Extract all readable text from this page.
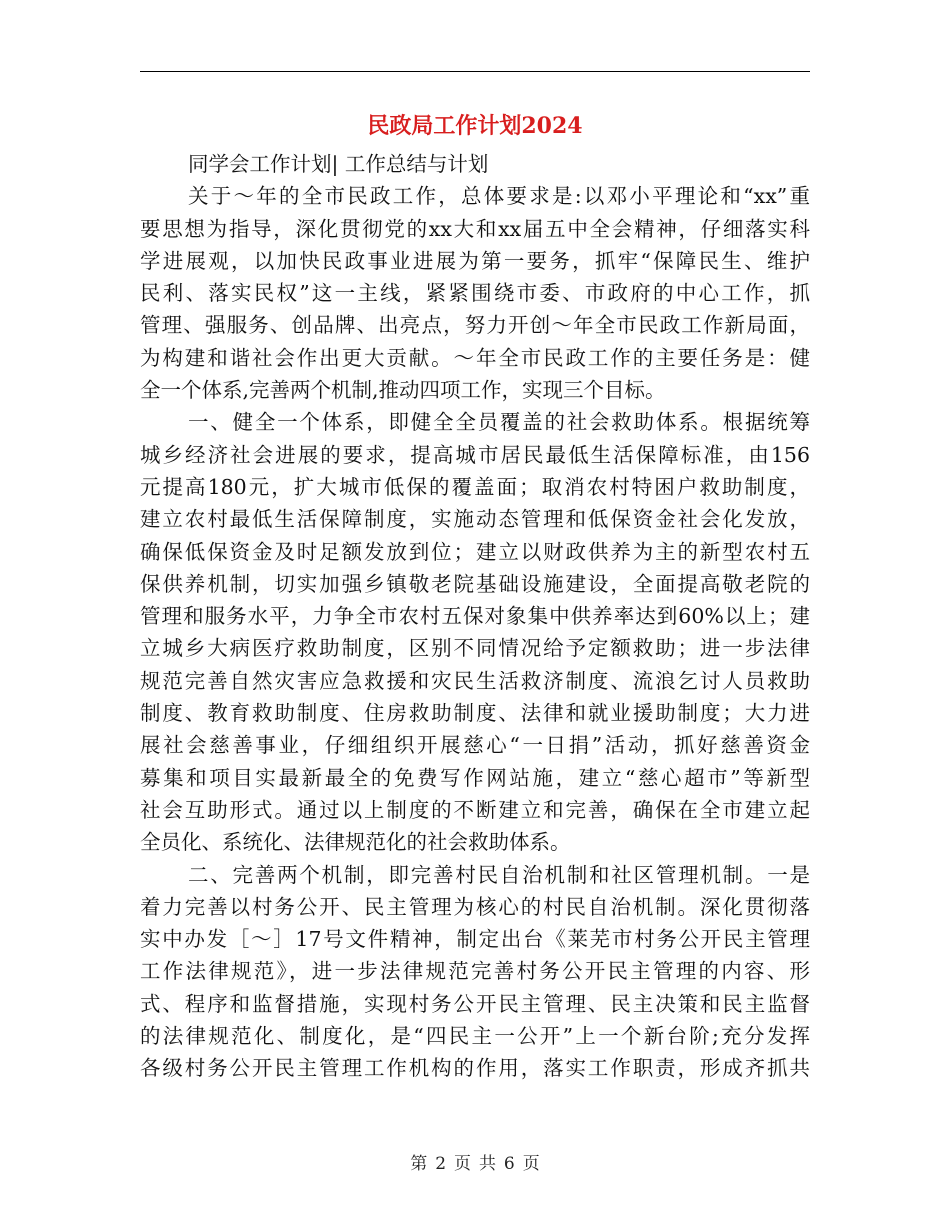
民政局工作计划2024
同学会工作计划| 工作总结与计划
关于～年的全市民政工作，总体要求是:以邓小平理论和“xx”重
要思想为指导，深化贯彻党的xx大和xx届五中全会精神，仔细落实科
学进展观，以加快民政事业进展为第一要务，抓牢“保障民生、维护
民利、落实民权”这一主线，紧紧围绕市委、市政府的中心工作，抓
管理、强服务、创品牌、出亮点，努力开创～年全市民政工作新局面，
为构建和谐社会作出更大贡献。～年全市民政工作的主要任务是：健
全一个体系,完善两个机制,推动四项工作，实现三个目标。
一、健全一个体系，即健全全员覆盖的社会救助体系。根据统筹
城乡经济社会进展的要求，提高城市居民最低生活保障标准，由156
元提高180元，扩大城市低保的覆盖面；取消农村特困户救助制度，
建立农村最低生活保障制度，实施动态管理和低保资金社会化发放，
确保低保资金及时足额发放到位；建立以财政供养为主的新型农村五
保供养机制，切实加强乡镇敬老院基础设施建设，全面提高敬老院的
管理和服务水平，力争全市农村五保对象集中供养率达到60%以上；建
立城乡大病医疗救助制度，区别不同情况给予定额救助；进一步法律
规范完善自然灾害应急救援和灾民生活救济制度、流浪乞讨人员救助
制度、教育救助制度、住房救助制度、法律和就业援助制度；大力进
展社会慈善事业，仔细组织开展慈心“一日捐”活动，抓好慈善资金
募集和项目实最新最全的免费写作网站施，建立“慈心超市”等新型
社会互助形式。通过以上制度的不断建立和完善，确保在全市建立起
全员化、系统化、法律规范化的社会救助体系。
二、完善两个机制，即完善村民自治机制和社区管理机制。一是
着力完善以村务公开、民主管理为核心的村民自治机制。深化贯彻落
实中办发［～］17号文件精神，制定出台《莱芜市村务公开民主管理
工作法律规范》，进一步法律规范完善村务公开民主管理的内容、形
式、程序和监督措施，实现村务公开民主管理、民主决策和民主监督
的法律规范化、制度化，是“四民主一公开”上一个新台阶;充分发挥
各级村务公开民主管理工作机构的作用，落实工作职责，形成齐抓共
第 2 页 共 6 页
